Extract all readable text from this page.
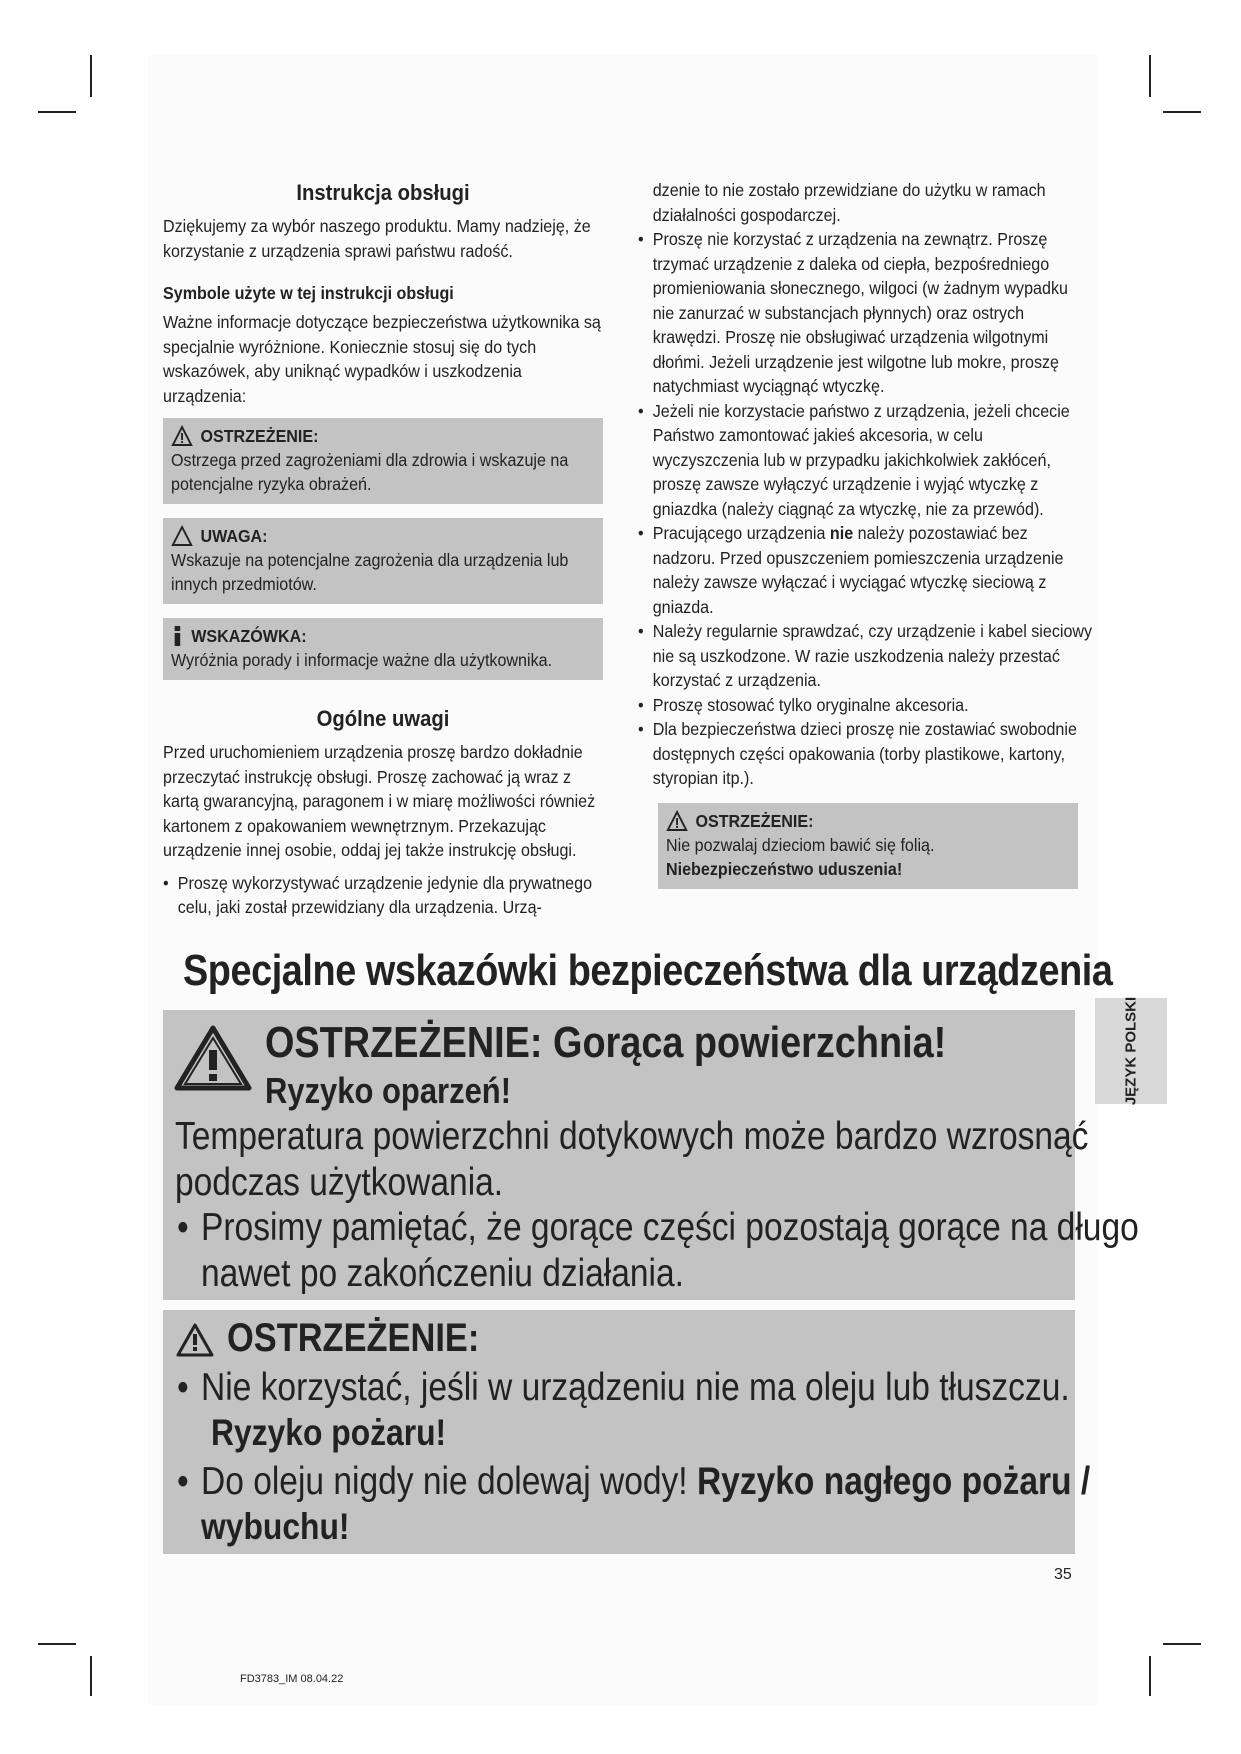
Instrukcja obsługi

Dziękujemy za wybór naszego produktu. Mamy nadzieję, że korzystanie z urządzenia sprawi państwu radość.

Symbole użyte w tej instrukcji obsługi

Ważne informacje dotyczące bezpieczeństwa użytkownika są specjalnie wyróżnione. Koniecznie stosuj się do tych wskazówek, aby uniknąć wypadków i uszkodzenia urządzenia:

OSTRZEŻENIE:

Ostrzega przed zagrożeniami dla zdrowia i wskazuje na potencjalne ryzyka obrażeń.

UWAGA:

Wskazuje na potencjalne zagrożenia dla urządzenia lub innych przedmiotów.

WSKAZÓWKA:

Wyróżnia porady i informacje ważne dla użytkownika.

Ogólne uwagi

Przed uruchomieniem urządzenia proszę bardzo dokładnie przeczytać instrukcję obsługi. Proszę zachować ją wraz z kartą gwarancyjną, paragonem i w miarę możliwości również kartonem z opakowaniem wewnętrznym. Przekazując urządzenie innej osobie, oddaj jej także instrukcję obsługi.

• Proszę wykorzystywać urządzenie jedynie dla prywatnego celu, jaki został przewidziany dla urządzenia. Urzą-

dzenie to nie zostało przewidziane do użytku w ramach działalności gospodarczej.

• Proszę nie korzystać z urządzenia na zewnątrz. Proszę trzymać urządzenie z daleka od ciepła, bezpośredniego promieniowania słonecznego, wilgoci (w żadnym wypadku nie zanurzać w substancjach płynnych) oraz ostrych krawędzi. Proszę nie obsługiwać urządzenia wilgotnymi dłońmi. Jeżeli urządzenie jest wilgotne lub mokre, proszę natychmiast wyciągnąć wtyczkę.
• Jeżeli nie korzystacie państwo z urządzenia, jeżeli chcecie Państwo zamontować jakieś akcesoria, w celu wyczyszczenia lub w przypadku jakichkolwiek zakłóceń, proszę zawsze wyłączyć urządzenie i wyjąć wtyczkę z gniazdka (należy ciągnąć za wtyczkę, nie za przewód).
• Pracującego urządzenia nie należy pozostawiać bez nadzoru. Przed opuszczeniem pomieszczenia urządzenie należy zawsze wyłączać i wyciągać wtyczkę sieciową z gniazda.
• Należy regularnie sprawdzać, czy urządzenie i kabel sieciowy nie są uszkodzone. W razie uszkodzenia należy przestać korzystać z urządzenia.
• Proszę stosować tylko oryginalne akcesoria.
• Dla bezpieczeństwa dzieci proszę nie zostawiać swobodnie dostępnych części opakowania (torby plastikowe, kartony, styropian itp.).
OSTRZEŻENIE:

Nie pozwalaj dzieciom bawić się folią. Niebezpieczeństwo uduszenia!

Specjalne wskazówki bezpieczeństwa dla urządzenia
OSTRZEŻENIE: Gorąca powierzchnia!
Ryzyko oparzeń!
Temperatura powierzchni dotykowych może bardzo wzrosnąć
podczas użytkowania.
• Prosimy pamiętać, że gorące części pozostają gorące na długo
nawet po zakończeniu działania.
OSTRZEŻENIE:
• Nie korzystać, jeśli w urządzeniu nie ma oleju lub tłuszczu.
Ryzyko pożaru!
• Do oleju nigdy nie dolewaj wody! Ryzyko nagłego pożaru /
wybuchu!
JĘZYK POLSKI
35
FD3783_IM 08.04.22
